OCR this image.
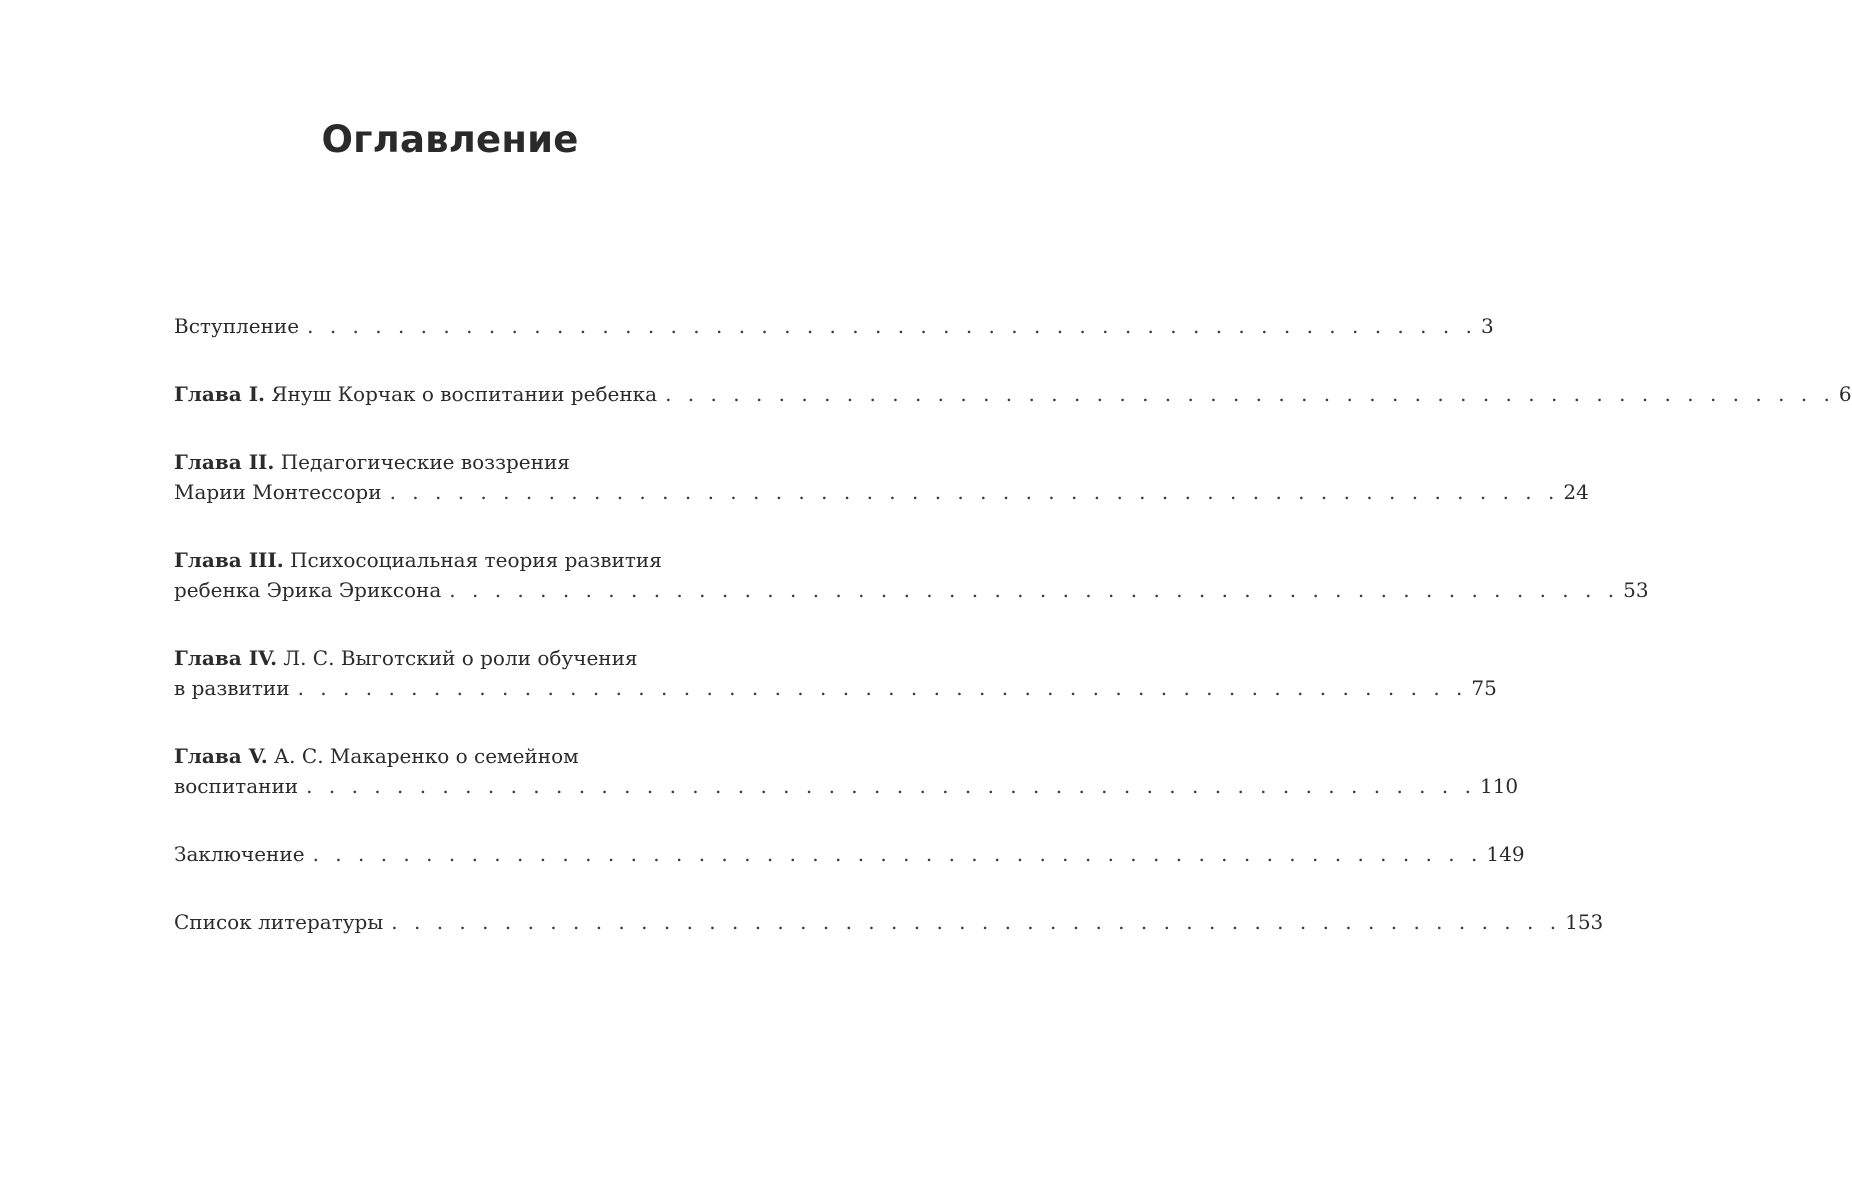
Оглавление
Вступление . . . . . . . . . . . . . . . . . . . . . . . . . . . . . . . . . . . . . . . . . . . . . . . . . . . . 3
Глава I. Януш Корчак о воспитании ребенка . . . . . . . . . . . . . . . . . . . . . . . . . . . . . . . . . . . . . . . . . . . . . . . . . . . . 6
Глава II. Педагогические воззрения
Марии Монтессори . . . . . . . . . . . . . . . . . . . . . . . . . . . . . . . . . . . . . . . . . . . . . . . . . . . . 24
Глава III. Психосоциальная теория развития
ребенка Эрика Эриксона . . . . . . . . . . . . . . . . . . . . . . . . . . . . . . . . . . . . . . . . . . . . . . . . . . . . 53
Глава IV. Л. С. Выготский о роли обучения
в развитии . . . . . . . . . . . . . . . . . . . . . . . . . . . . . . . . . . . . . . . . . . . . . . . . . . . . 75
Глава V. А. С. Макаренко о семейном
воспитании . . . . . . . . . . . . . . . . . . . . . . . . . . . . . . . . . . . . . . . . . . . . . . . . . . . . 110
Заключение . . . . . . . . . . . . . . . . . . . . . . . . . . . . . . . . . . . . . . . . . . . . . . . . . . . . 149
Список литературы . . . . . . . . . . . . . . . . . . . . . . . . . . . . . . . . . . . . . . . . . . . . . . . . . . . . 153
